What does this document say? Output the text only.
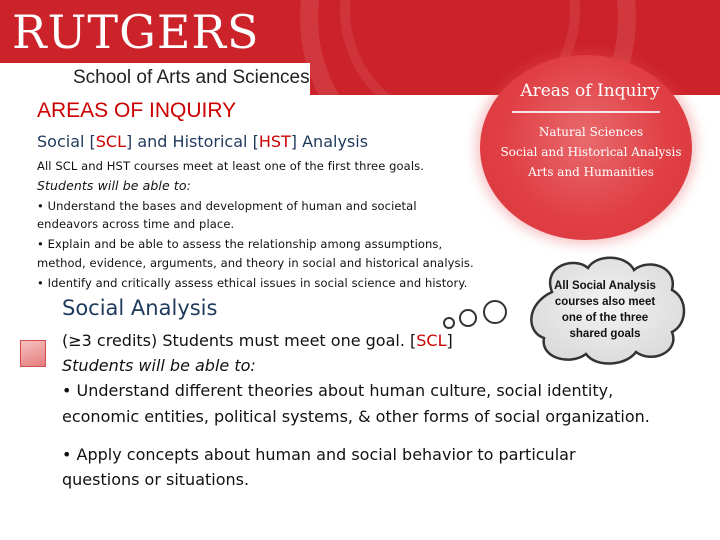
RUTGERS
School of Arts and Sciences
Areas of Inquiry
Natural Sciences
Social and Historical Analysis
Arts and Humanities
AREAS OF INQUIRY
Social [SCL] and Historical [HST] Analysis
All SCL and HST courses meet at least one of the first three goals.
Students will be able to:
• Understand the bases and development of human and societal
endeavors across time and place.
• Explain and be able to assess the relationship among assumptions,
method, evidence, arguments, and theory in social and historical analysis.
• Identify and critically assess ethical issues in social science and history.	All Social Analysis
courses also meet
one of the three
shared goals
Social Analysis
(≥3 credits) Students must meet one goal. [SCL]
Students will be able to:
• Understand different theories about human culture, social identity,
economic entities, political systems, & other forms of social organization.
• Apply concepts about human and social behavior to particular
questions or situations.
